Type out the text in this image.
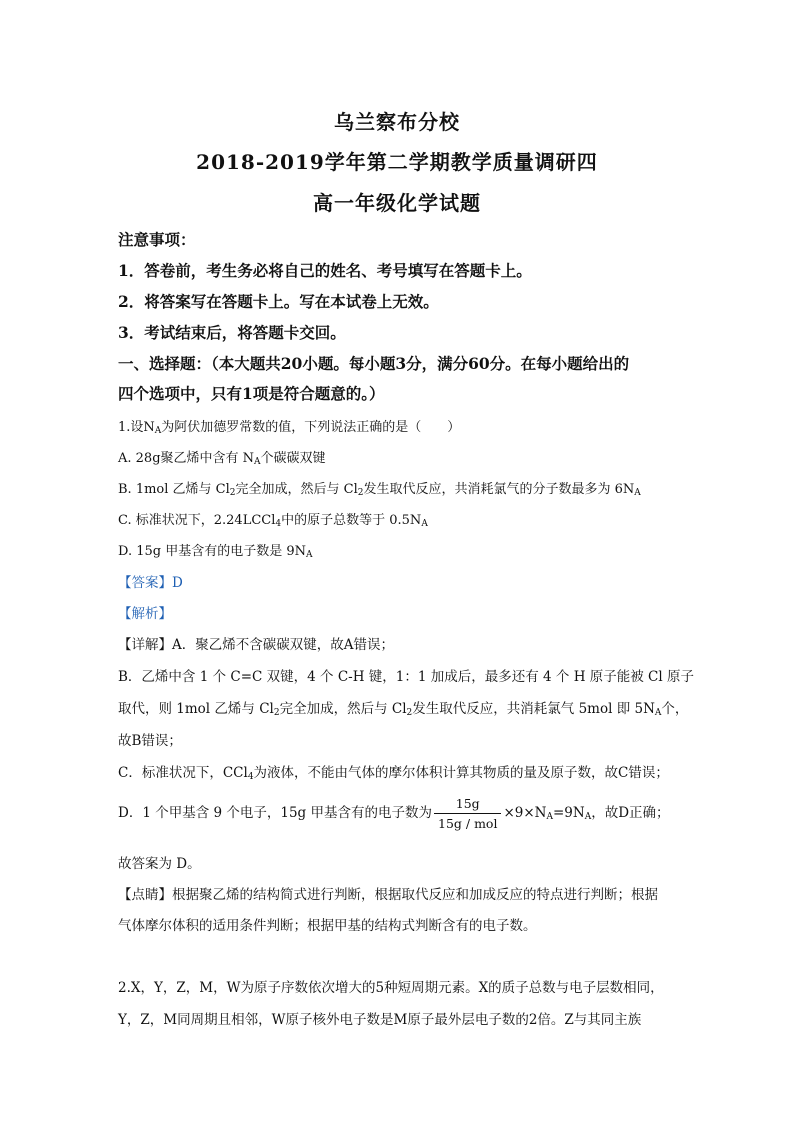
乌兰察布分校
2018-2019学年第二学期教学质量调研四
高一年级化学试题
注意事项：
1．答卷前，考生务必将自己的姓名、考号填写在答题卡上。
2．将答案写在答题卡上。写在本试卷上无效。
3．考试结束后，将答题卡交回。
一、选择题：（本大题共20小题。每小题3分，满分60分。在每小题给出的
四个选项中，只有1项是符合题意的。）
1.设$N_A$为阿伏加德罗常数的值，下列说法正确的是（　　）
A. 28g聚乙烯中含有 $N_A$个碳碳双键
B. 1mol 乙烯与 $Cl_2$完全加成，然后与 $Cl_2$发生取代反应，共消耗氯气的分子数最多为 $6N_A$
C. 标准状况下，2.24LCCl$_4$中的原子总数等于 $0.5N_A$
D. 15g 甲基含有的电子数是 $9N_A$
【答案】D
【解析】
【详解】A．聚乙烯不含碳碳双键，故A错误；
B．乙烯中含 1 个 C=C 双键，4 个 C-H 键，1：1 加成后，最多还有 4 个 H 原子能被 Cl 原子
取代，则 1mol 乙烯与 $Cl_2$完全加成，然后与 $Cl_2$发生取代反应，共消耗氯气 5mol 即 $5N_A$个，
故B错误；
C．标准状况下，CCl$_4$为液体，不能由气体的摩尔体积计算其物质的量及原子数，故C错误；
D．1 个甲基含 9 个电子，15g 甲基含有的电子数为 $\frac{15g}{\text{15g / mol}} \times 9\times N_A=9N_A$，故D正确；
故答案为 D。
【点睛】根据聚乙烯的结构简式进行判断，根据取代反应和加成反应的特点进行判断；根据
气体摩尔体积的适用条件判断；根据甲基的结构式判断含有的电子数。
2.X，Y，Z，M，W为原子序数依次增大的5种短周期元素。X的质子总数与电子层数相同，
Y，Z，M同周期且相邻，W原子核外电子数是M原子最外层电子数的2倍。Z与其同主族
